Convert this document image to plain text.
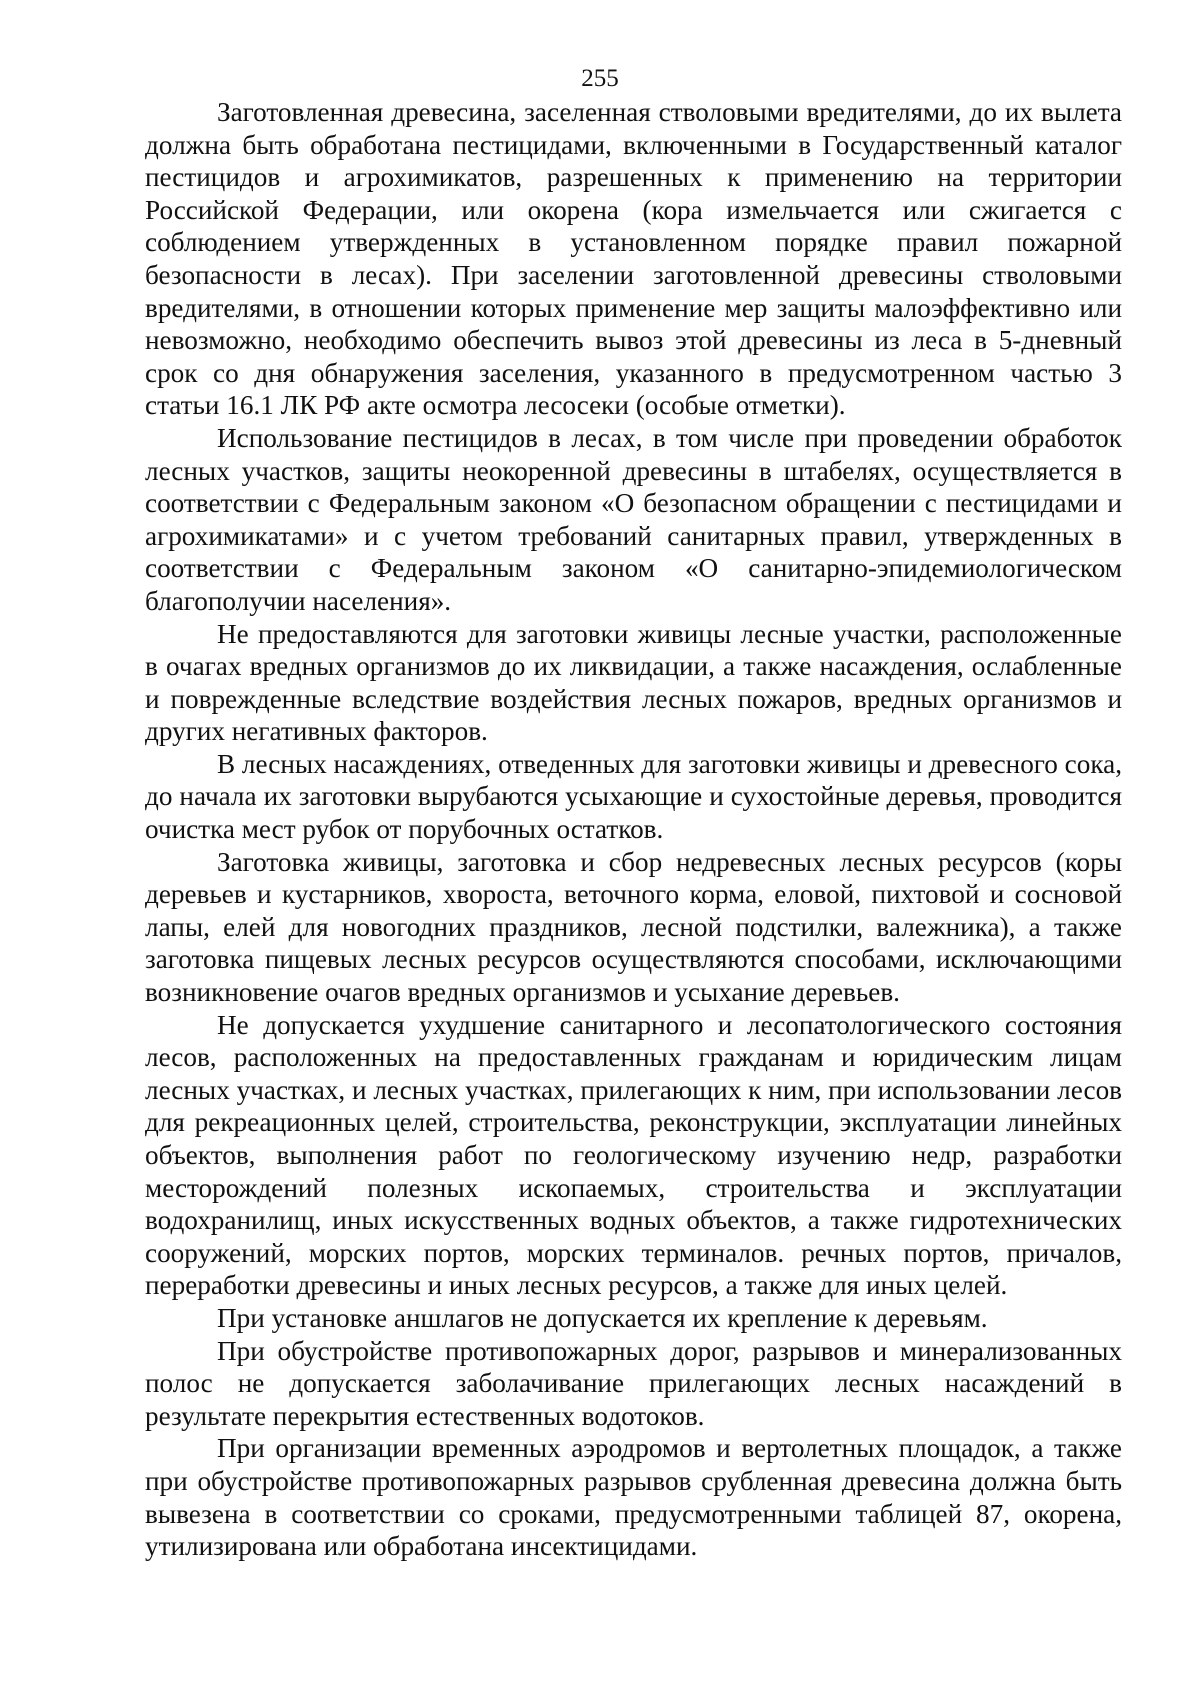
255

Заготовленная древесина, заселенная стволовыми вредителями, до их вылета должна быть обработана пестицидами, включенными в Государственный каталог пестицидов и агрохимикатов, разрешенных к применению на территории Российской Федерации, или окорена (кора измельчается или сжигается с соблюдением утвержденных в установленном порядке правил пожарной безопасности в лесах). При заселении заготовленной древесины стволовыми вредителями, в отношении которых применение мер защиты малоэффективно или невозможно, необходимо обеспечить вывоз этой древесины из леса в 5-дневный срок со дня обнаружения заселения, указанного в предусмотренном частью 3 статьи 16.1 ЛК РФ акте осмотра лесосеки (особые отметки).

Использование пестицидов в лесах, в том числе при проведении обработок лесных участков, защиты неокоренной древесины в штабелях, осуществляется в соответствии с Федеральным законом «О безопасном обращении с пестицидами и агрохимикатами» и с учетом требований санитарных правил, утвержденных в соответствии с Федеральным законом «О санитарно-эпидемиологическом благополучии населения».

Не предоставляются для заготовки живицы лесные участки, расположенные в очагах вредных организмов до их ликвидации, а также насаждения, ослабленные и поврежденные вследствие воздействия лесных пожаров, вредных организмов и других негативных факторов.

В лесных насаждениях, отведенных для заготовки живицы и древесного сока, до начала их заготовки вырубаются усыхающие и сухостойные деревья, проводится очистка мест рубок от порубочных остатков.

Заготовка живицы, заготовка и сбор недревесных лесных ресурсов (коры деревьев и кустарников, хвороста, веточного корма, еловой, пихтовой и сосновой лапы, елей для новогодних праздников, лесной подстилки, валежника), а также заготовка пищевых лесных ресурсов осуществляются способами, исключающими возникновение очагов вредных организмов и усыхание деревьев.

Не допускается ухудшение санитарного и лесопатологического состояния лесов, расположенных на предоставленных гражданам и юридическим лицам лесных участках, и лесных участках, прилегающих к ним, при использовании лесов для рекреационных целей, строительства, реконструкции, эксплуатации линейных объектов, выполнения работ по геологическому изучению недр, разработки месторождений полезных ископаемых, строительства и эксплуатации водохранилищ, иных искусственных водных объектов, а также гидротехнических сооружений, морских портов, морских терминалов. речных портов, причалов, переработки древесины и иных лесных ресурсов, а также для иных целей.

При установке аншлагов не допускается их крепление к деревьям.

При обустройстве противопожарных дорог, разрывов и минерализованных полос не допускается заболачивание прилегающих лесных насаждений в результате перекрытия естественных водотоков.

При организации временных аэродромов и вертолетных площадок, а также при обустройстве противопожарных разрывов срубленная древесина должна быть вывезена в соответствии со сроками, предусмотренными таблицей 87, окорена, утилизирована или обработана инсектицидами.
